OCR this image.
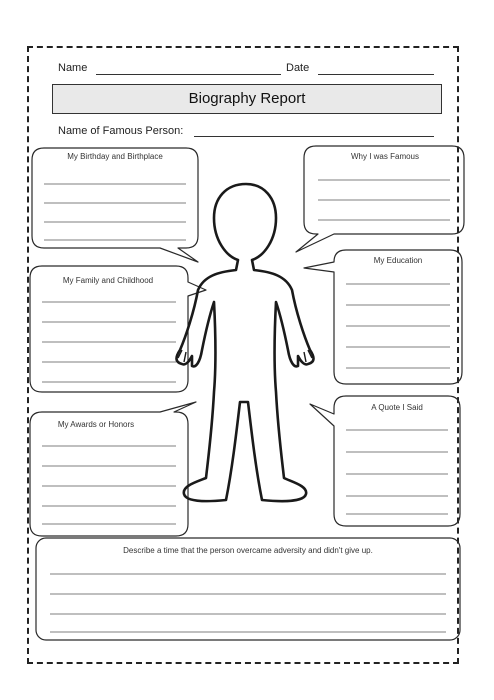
Name	Date
Biography Report
Name of Famous Person:
My Birthday and Birthplace	Why I was Famous
My Family and Childhood
My Education
My Awards or Honors
A Quote I Said
Describe a time that the person overcame adversity and didn't give up.
